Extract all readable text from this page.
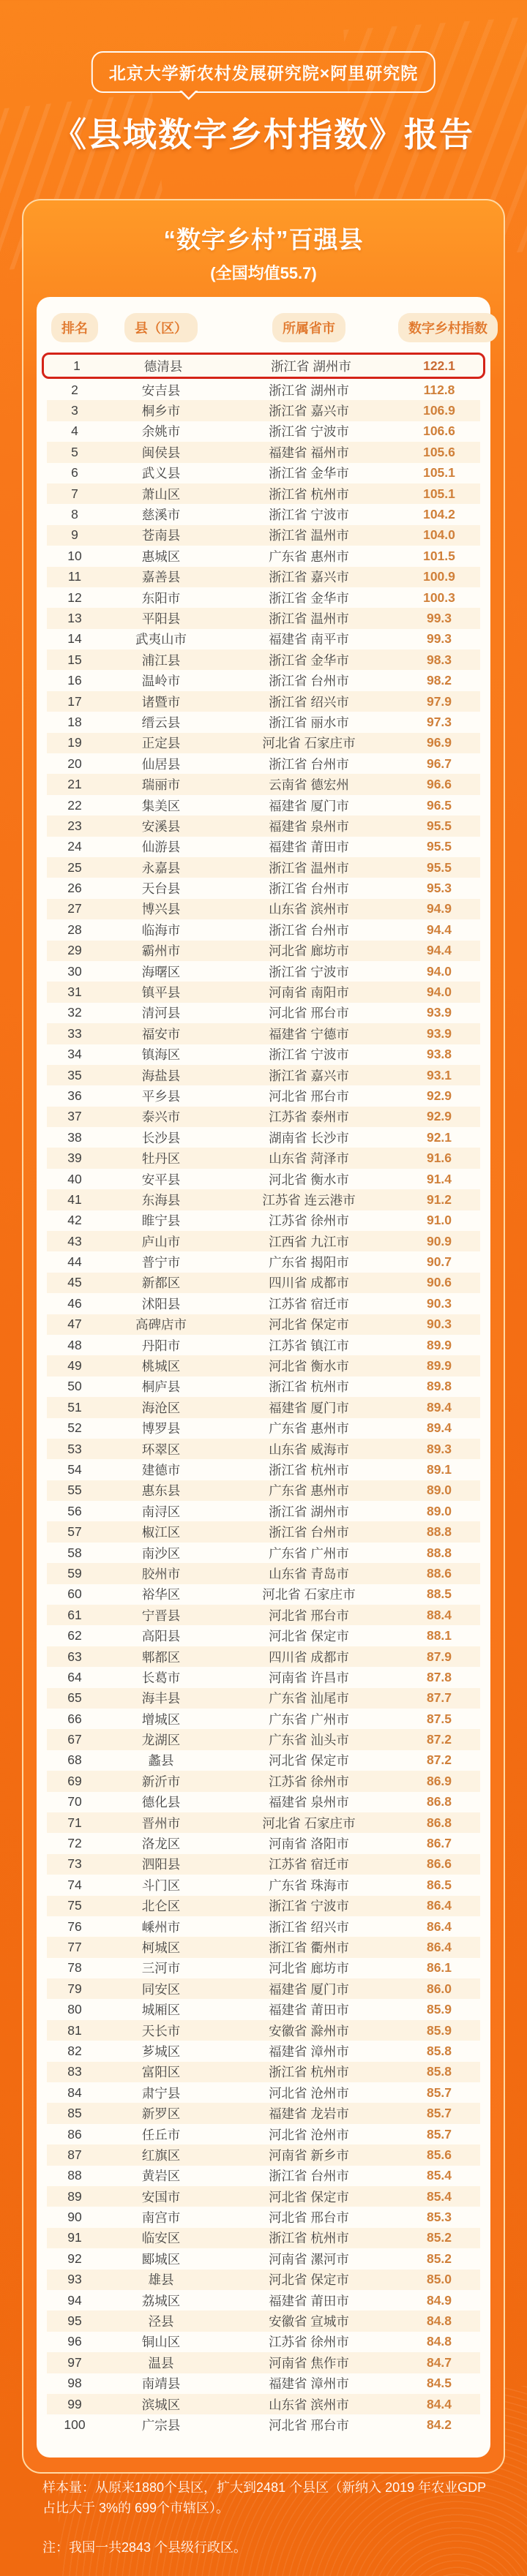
北京大学新农村发展研究院×阿里研究院
《县域数字乡村指数》报告
“数字乡村”百强县
(全国均值55.7)
排名	县（区）	所属省市	数字乡村指数
1	德清县	浙江省 湖州市	122.1
2	安吉县	浙江省 湖州市	112.8
3	桐乡市	浙江省 嘉兴市	106.9
4	余姚市	浙江省 宁波市	106.6
5	闽侯县	福建省 福州市	105.6
6	武义县	浙江省 金华市	105.1
7	萧山区	浙江省 杭州市	105.1
8	慈溪市	浙江省 宁波市	104.2
9	苍南县	浙江省 温州市	104.0
10	惠城区	广东省 惠州市	101.5
11	嘉善县	浙江省 嘉兴市	100.9
12	东阳市	浙江省 金华市	100.3
13	平阳县	浙江省 温州市	99.3
14	武夷山市	福建省 南平市	99.3
15	浦江县	浙江省 金华市	98.3
16	温岭市	浙江省 台州市	98.2
17	诸暨市	浙江省 绍兴市	97.9
18	缙云县	浙江省 丽水市	97.3
19	正定县	河北省 石家庄市	96.9
20	仙居县	浙江省 台州市	96.7
21	瑞丽市	云南省 德宏州	96.6
22	集美区	福建省 厦门市	96.5
23	安溪县	福建省 泉州市	95.5
24	仙游县	福建省 莆田市	95.5
25	永嘉县	浙江省 温州市	95.5
26	天台县	浙江省 台州市	95.3
27	博兴县	山东省 滨州市	94.9
28	临海市	浙江省 台州市	94.4
29	霸州市	河北省 廊坊市	94.4
30	海曙区	浙江省 宁波市	94.0
31	镇平县	河南省 南阳市	94.0
32	清河县	河北省 邢台市	93.9
33	福安市	福建省 宁德市	93.9
34	镇海区	浙江省 宁波市	93.8
35	海盐县	浙江省 嘉兴市	93.1
36	平乡县	河北省 邢台市	92.9
37	泰兴市	江苏省 泰州市	92.9
38	长沙县	湖南省 长沙市	92.1
39	牡丹区	山东省 菏泽市	91.6
40	安平县	河北省 衡水市	91.4
41	东海县	江苏省 连云港市	91.2
42	睢宁县	江苏省 徐州市	91.0
43	庐山市	江西省 九江市	90.9
44	普宁市	广东省 揭阳市	90.7
45	新都区	四川省 成都市	90.6
46	沭阳县	江苏省 宿迁市	90.3
47	高碑店市	河北省 保定市	90.3
48	丹阳市	江苏省 镇江市	89.9
49	桃城区	河北省 衡水市	89.9
50	桐庐县	浙江省 杭州市	89.8
51	海沧区	福建省 厦门市	89.4
52	博罗县	广东省 惠州市	89.4
53	环翠区	山东省 威海市	89.3
54	建德市	浙江省 杭州市	89.1
55	惠东县	广东省 惠州市	89.0
56	南浔区	浙江省 湖州市	89.0
57	椒江区	浙江省 台州市	88.8
58	南沙区	广东省 广州市	88.8
59	胶州市	山东省 青岛市	88.6
60	裕华区	河北省 石家庄市	88.5
61	宁晋县	河北省 邢台市	88.4
62	高阳县	河北省 保定市	88.1
63	郫都区	四川省 成都市	87.9
64	长葛市	河南省 许昌市	87.8
65	海丰县	广东省 汕尾市	87.7
66	增城区	广东省 广州市	87.5
67	龙湖区	广东省 汕头市	87.2
68	蠡县	河北省 保定市	87.2
69	新沂市	江苏省 徐州市	86.9
70	德化县	福建省 泉州市	86.8
71	晋州市	河北省 石家庄市	86.8
72	洛龙区	河南省 洛阳市	86.7
73	泗阳县	江苏省 宿迁市	86.6
74	斗门区	广东省 珠海市	86.5
75	北仑区	浙江省 宁波市	86.4
76	嵊州市	浙江省 绍兴市	86.4
77	柯城区	浙江省 衢州市	86.4
78	三河市	河北省 廊坊市	86.1
79	同安区	福建省 厦门市	86.0
80	城厢区	福建省 莆田市	85.9
81	天长市	安徽省 滁州市	85.9
82	芗城区	福建省 漳州市	85.8
83	富阳区	浙江省 杭州市	85.8
84	肃宁县	河北省 沧州市	85.7
85	新罗区	福建省 龙岩市	85.7
86	任丘市	河北省 沧州市	85.7
87	红旗区	河南省 新乡市	85.6
88	黄岩区	浙江省 台州市	85.4
89	安国市	河北省 保定市	85.4
90	南宫市	河北省 邢台市	85.3
91	临安区	浙江省 杭州市	85.2
92	郾城区	河南省 漯河市	85.2
93	雄县	河北省 保定市	85.0
94	荔城区	福建省 莆田市	84.9
95	泾县	安徽省 宣城市	84.8
96	铜山区	江苏省 徐州市	84.8
97	温县	河南省 焦作市	84.7
98	南靖县	福建省 漳州市	84.5
99	滨城区	山东省 滨州市	84.4
100	广宗县	河北省 邢台市	84.2

样本量：从原来1880个县区，扩大到2481 个县区（新纳入 2019 年农业GDP 占比大于 3%的 699个市辖区）。

注：我国一共2843 个县级行政区。
